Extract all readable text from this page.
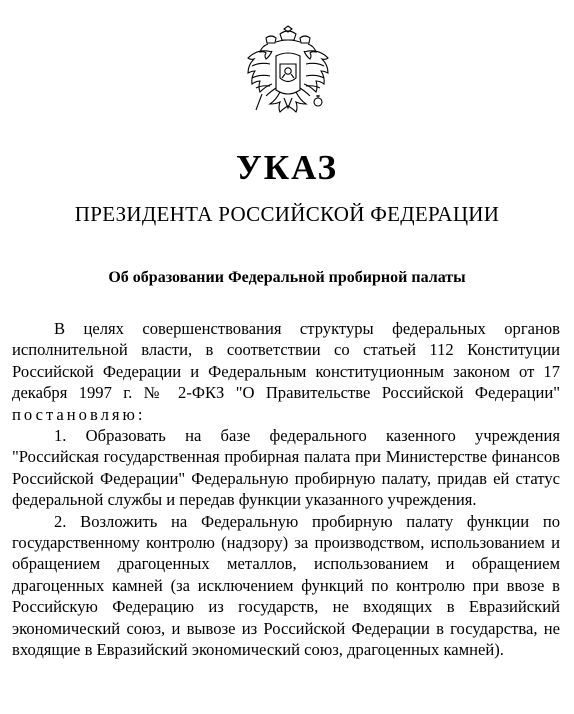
УКАЗ
ПРЕЗИДЕНТА РОССИЙСКОЙ ФЕДЕРАЦИИ
Об образовании Федеральной пробирной палаты

В целях совершенствования структуры федеральных органов исполнительной власти, в соответствии со статьей 112 Конституции Российской Федерации и Федеральным конституционным законом от 17 декабря 1997 г. № 2-ФКЗ "О Правительстве Российской Федерации" постановляю:

1. Образовать на базе федерального казенного учреждения "Российская государственная пробирная палата при Министерстве финансов Российской Федерации" Федеральную пробирную палату, придав ей статус федеральной службы и передав функции указанного учреждения.

2. Возложить на Федеральную пробирную палату функции по государственному контролю (надзору) за производством, использованием и обращением драгоценных металлов, использованием и обращением драгоценных камней (за исключением функций по контролю при ввозе в Российскую Федерацию из государств, не входящих в Евразийский экономический союз, и вывозе из Российской Федерации в государства, не входящие в Евразийский экономический союз, драгоценных камней).
